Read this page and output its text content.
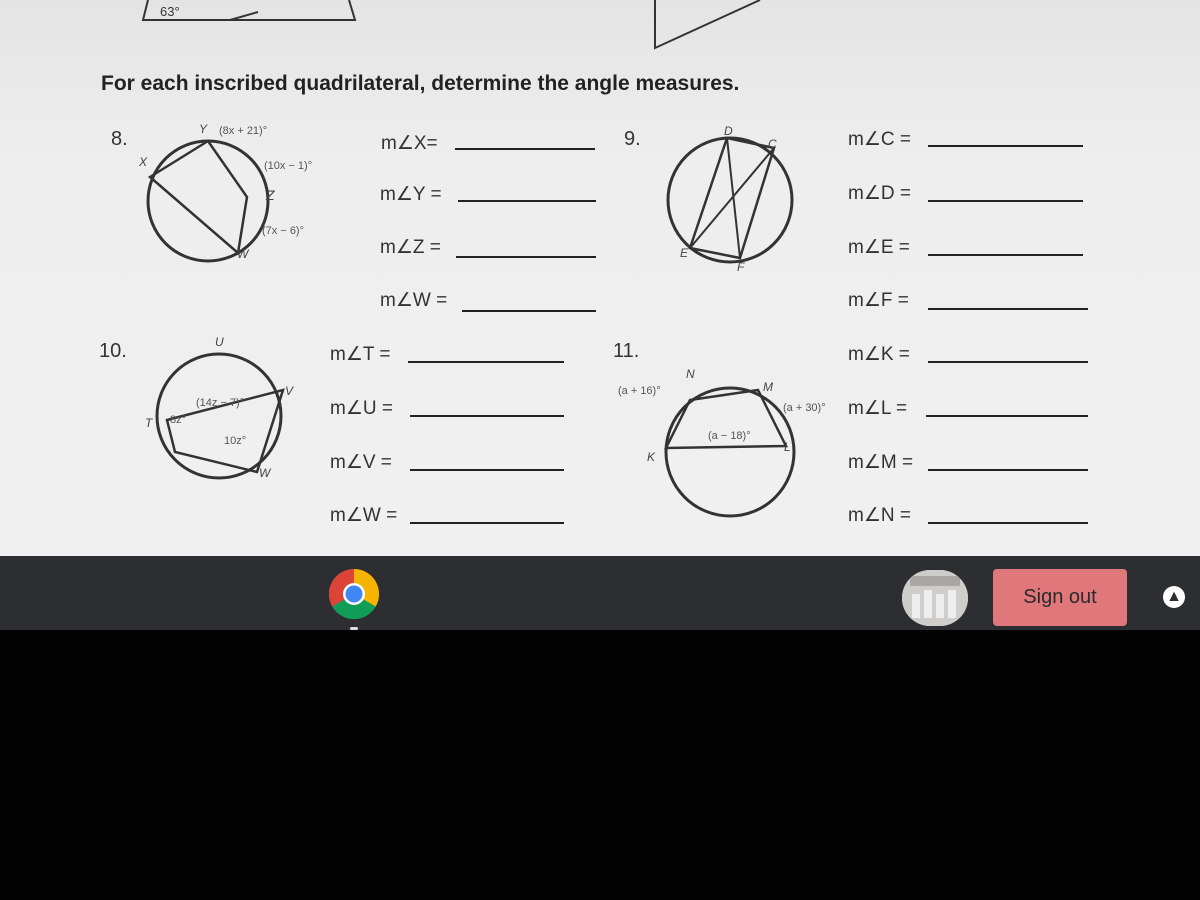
63°
For each inscribed quadrilateral, determine the angle measures.
8.
X
Y
Z
W
(8x + 21)°
(10x − 1)°
(7x − 6)°
m∠X=
m∠Y =
m∠Z =
m∠W =
9.	D
C
E
F
m∠C =
m∠D =
m∠E =
m∠F =
10.	U
V
T
W
(14z − 7)°
8z°
10z°
m∠T =
m∠U =
m∠V =
m∠W =
11.
N
M
K
L
(a + 16)°
(a + 30)°
(a − 18)°
m∠K =
m∠L =
m∠M =
m∠N =
Sign out	▲
